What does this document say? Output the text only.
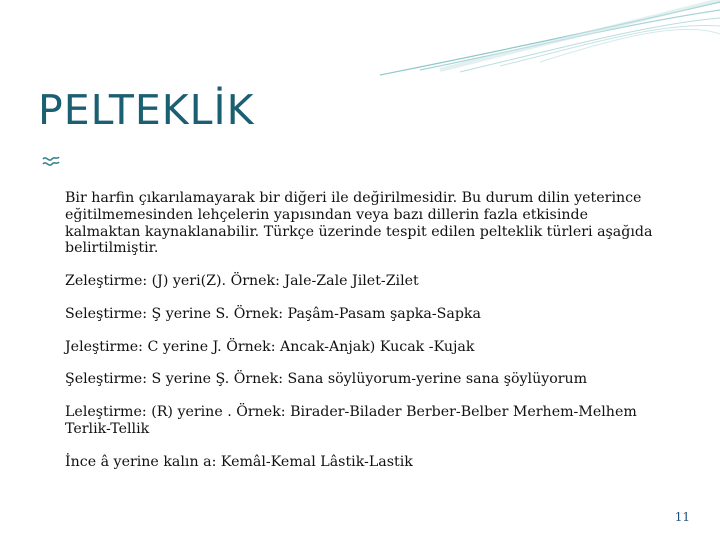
PELTEKLİK

Bir harfin çıkarılamayarak bir diğeri ile değirilmesidir. Bu durum dilin yeterince eğitilmemesinden lehçelerin yapısından veya bazı dillerin fazla etkisinde kalmaktan kaynaklanabilir. Türkçe üzerinde tespit edilen pelteklik türleri aşağıda belirtilmiştir.

Zeleştirme: (J) yeri(Z). Örnek: Jale-Zale Jilet-Zilet

Seleştirme: Ş yerine S. Örnek: Paşâm-Pasam şapka-Sapka

Jeleştirme: C yerine J. Örnek: Ancak-Anjak) Kucak -Kujak

Şeleştirme: S yerine Ş. Örnek: Sana söylüyorum-yerine sana şöylüyorum

Leleştirme: (R) yerine . Örnek: Birader-Bilader Berber-Belber Merhem-Melhem Terlik-Tellik

İnce â yerine kalın a: Kemâl-Kemal Lâstik-Lastik

11
